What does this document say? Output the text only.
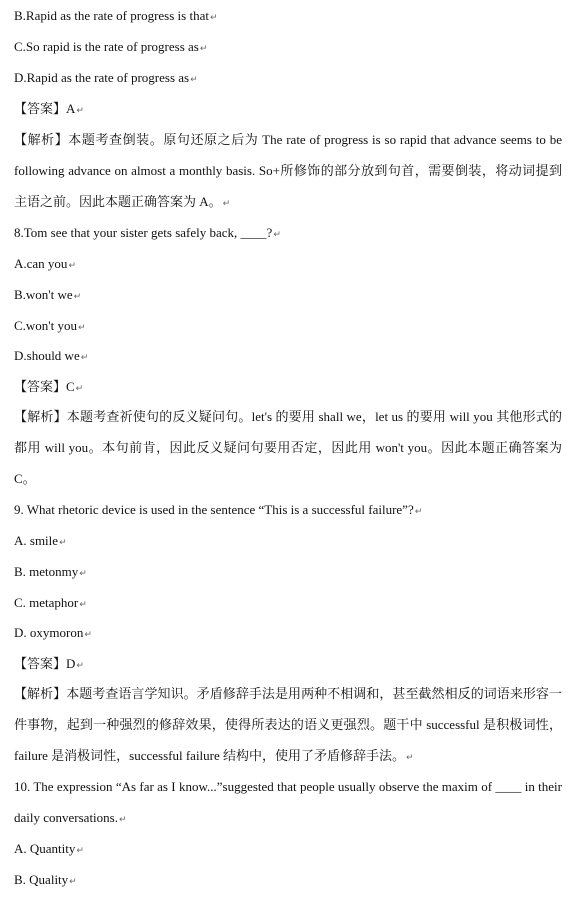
B.Rapid as the rate of progress is that↵
C.So rapid is the rate of progress as↵
D.Rapid as the rate of progress as↵
【答案】A↵
【解析】本题考查倒装。原句还原之后为 The rate of progress is so rapid that advance seems to be following advance on almost a monthly basis. So+所修饰的部分放到句首，需要倒装，将动词提到主语之前。因此本题正确答案为 A。↵
8.Tom see that your sister gets safely back, ____?↵
A.can you↵
B.won't we↵
C.won't you↵
D.should we↵
【答案】C↵
【解析】本题考查祈使句的反义疑问句。let's 的要用 shall we，let us 的要用 will you 其他形式的都用 will you。本句前肯，因此反义疑问句要用否定，因此用 won't you。因此本题正确答案为 C。
9. What rhetoric device is used in the sentence “This is a successful failure”?↵
A. smile↵
B. metonmy↵
C. metaphor↵
D. oxymoron↵
【答案】D↵
【解析】本题考查语言学知识。矛盾修辞手法是用两种不相调和，甚至截然相反的词语来形容一件事物，起到一种强烈的修辞效果，使得所表达的语义更强烈。题干中 successful 是积极词性，failure 是消极词性，successful failure 结构中，使用了矛盾修辞手法。↵
10. The expression “As far as I know...”suggested that people usually observe the maxim of ____ in their daily conversations.↵
A. Quantity↵
B. Quality↵
